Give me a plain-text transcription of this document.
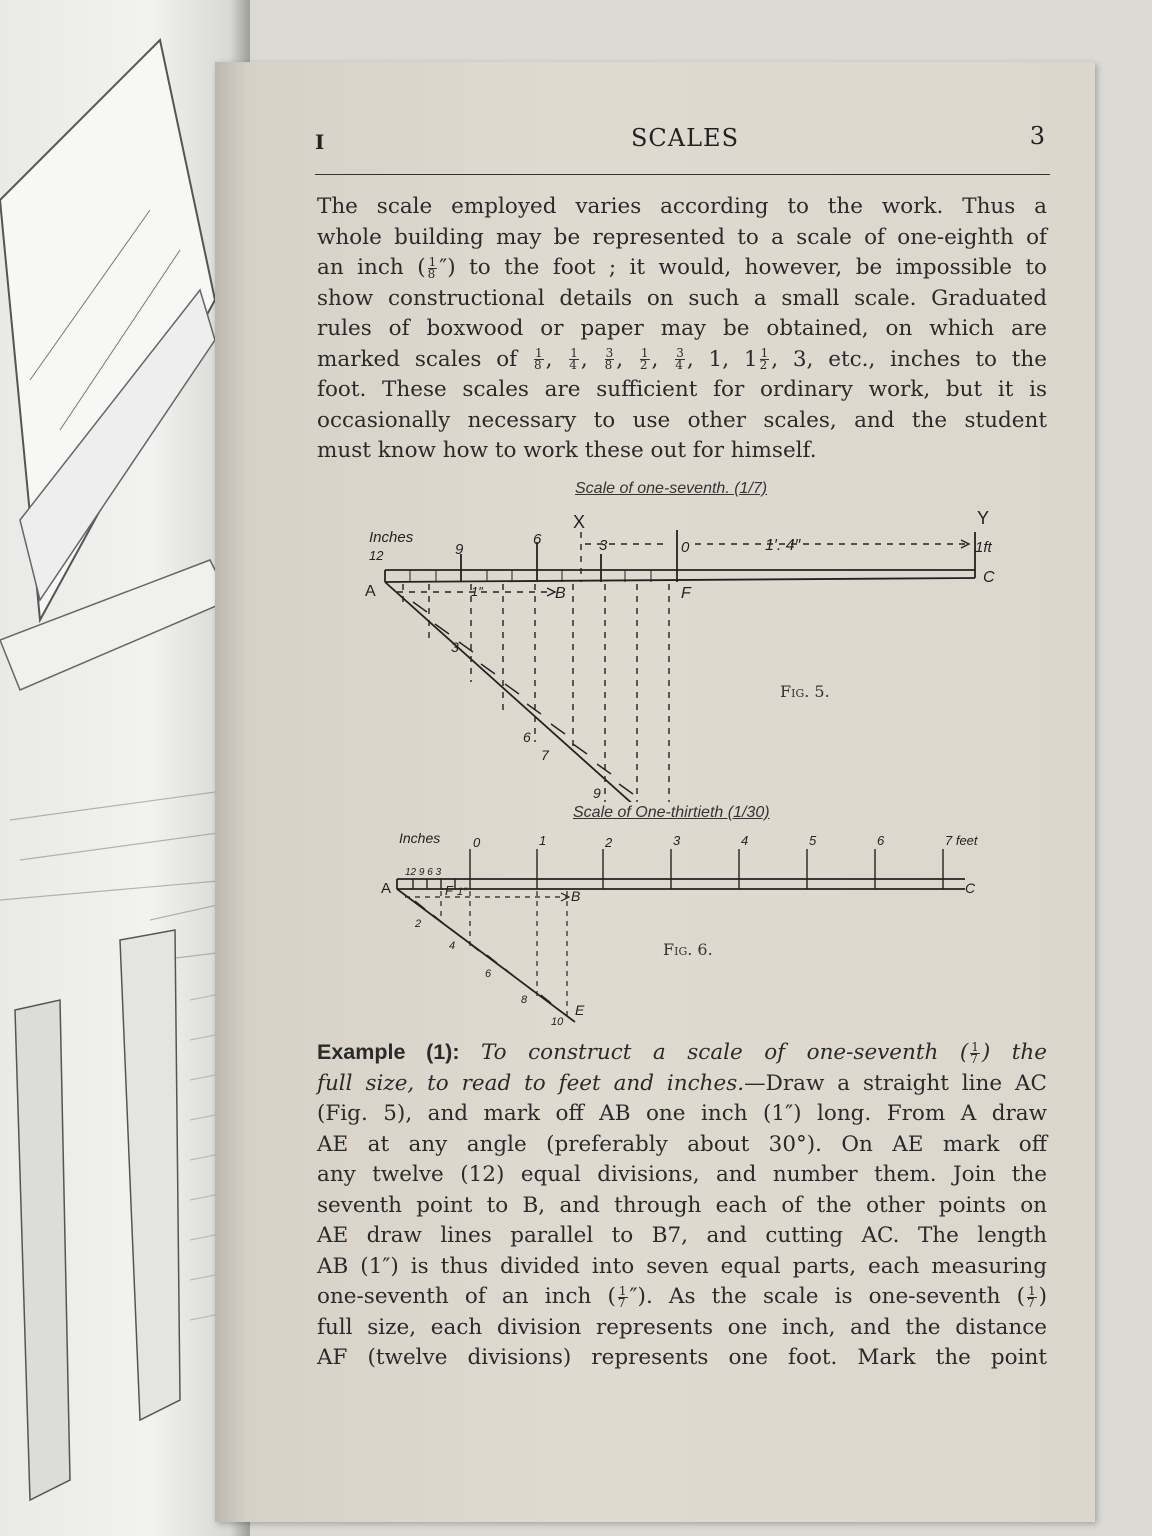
I	SCALES	3
The scale employed varies according to the work. Thus a
whole building may be represented to a scale of one-eighth of
an inch ( $\frac{1}{8}$ ″) to the foot ; it would, however, be impossible to
show constructional details on such a small scale. Graduated
rules of boxwood or paper may be obtained, on which are
marked scales of $\frac{1}{8}$ , $\frac{1}{4}$ , $\frac{3}{8}$ , $\frac{1}{2}$ , $\frac{3}{4}$ , 1, $1 \frac{1}{2}$ , 3, etc., inches to the
foot. These scales are sufficient for ordinary work, but it is
occasionally necessary to use other scales, and the student
must know how to work these out for himself.
Scale of one-seventh. (1/7)
Inches
12	9
6	3	0
X	Y
1′. 4″	1ft
A	B	F
C
1″
3
6
7
9
Fig. 5.
Scale of One-thirtieth (1/30)
Inches	0	1	2	3	4	5	6	7 feet
12 9 6 3
A	F 1″	B	C
2
4
6
8
10
E
Fig. 6.
Example (1): To construct a scale of one-seventh ( $\frac{1}{7}$ ) the
full size, to read to feet and inches.—Draw a straight line AC
(Fig. 5), and mark off AB one inch (1″) long. From A draw
AE at any angle (preferably about 30°). On AE mark off
any twelve (12) equal divisions, and number them. Join the
seventh point to B, and through each of the other points on
AE draw lines parallel to B7, and cutting AC. The length
AB (1″) is thus divided into seven equal parts, each measuring
one-seventh of an inch ( $\frac{1}{7}$ ″). As the scale is one-seventh ( $\frac{1}{7}$ )
full size, each division represents one inch, and the distance
AF (twelve divisions) represents one foot. Mark the point
